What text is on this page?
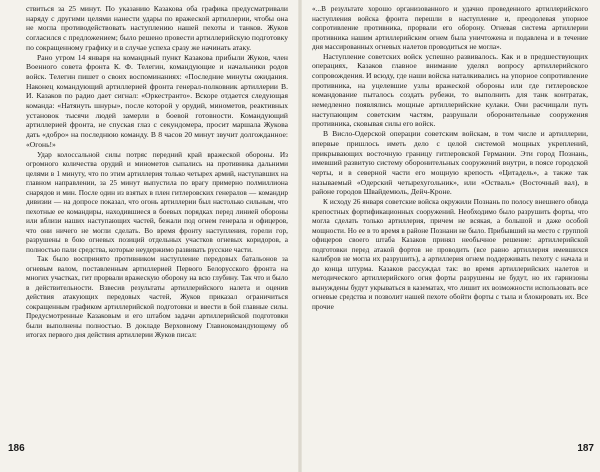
ствиться за 25 минут. По указанию Казакова оба графика предусматривали наряду с другими целями нанести удары по вражеской артиллерии, чтобы она не могла противодействовать наступлению нашей пехоты и танков. Жуков согласился с предложением; было решено провести артиллерийскую подготовку по сокращенному графику и в случае успеха сразу же начинать атаку.

Рано утром 14 января на командный пункт Казакова прибыли Жуков, член Военного совета фронта К. Ф. Телегин, командующие и начальники родов войск. Телегин пишет о своих воспоминаниях: «Последние минуты ожидания. Наконец командующий артиллерией фронта генерал-полковник артиллерии В. И. Казаков по радио дает сигнал: «Оркестранто». Вскоре отдается следующая команда: «Натянуть шнуры», после которой у орудий, минометов, реактивных установок тысячи людей замерли в боевой готовности. Командующий артиллерией фронта, не спуская глаз с секундомера, просит маршала Жукова дать «добро» на последнюю команду. В 8 часов 20 минут звучит долгожданное: «Огонь!»

Удар колоссальной силы потряс передний край вражеской обороны. Из огромного количества орудий и минометов сыпались на противника дальними целями в 1 минуту, что по этим артиллерия только четырех армий, наступавших на главном направлении, за 25 минут выпустила по врагу примерно полмиллиона снарядов и мин. После один из взятых в плен гитлеровских генералов — командир дивизии — на допросе показал, что огонь артиллерии был настолько сильным, что пехотные ее командиры, находившиеся в боевых порядках перед линией обороны или вблизи наших наступающих частей, бежали под огнем генерала и офицеров, что они ничего не могли сделать. Во время фронту наступления, горели гор, разрушены в бою огневых позиций отдельных участков огневых коридоров, а полностью пали средства, которые неудержимо развивать русские части.

Так было воспринято противником наступление передовых батальонов за огневым валом, поставленным артиллерией Первого Белорусского фронта на многих участках, гит прорвали вражескую оборону на всю глубину. Так что и было в действительности. Взвесив результаты артиллерийского налета и оценив действия атакующих передовых частей, Жуков приказал ограничиться сокращенным графиком артиллерийской подготовки и ввести в бой главные силы. Предусмотренные Казаковым и его штабом задачи артиллерийской подготовки были выполнены полностью. В докладе Верховному Главнокомандующему об итогах первого дня действия артиллерии Жуков писал:

«...В результате хорошо организованного и удачно проведенного артиллерийского наступления войска фронта перешли в наступление и, преодолевая упорное сопротивление противника, прорвали его оборону. Огневая система артиллерии противника нашим артиллерийским огнем была уничтожена и подавлена и в течение дня массированных огневых налетов проводиться не могла».

Наступление советских войск успешно развивалось. Как и в предшествующих операциях, Казаков главное внимание уделял вопросу артиллерийского сопровождения. И всюду, где наши войска наталкивались на упорное сопротивление противника, на уцелевшие узлы вражеской обороны или где гитлеровское командование пыталось создать рубежи, то выполнить для танк контратак, немедленно появлялись мощные артиллерийские кулаки. Они расчищали путь наступающим советским частям, разрушали оборонительные сооружения противника, сковывая силы его войск.

В Висло-Одерской операции советским войскам, в том числе и артиллерии, впервые пришлось иметь дело с целой системой мощных укреплений, прикрывающих восточную границу гитлеровской Германии. Эти город Познань, имевший развитую систему оборонительных сооружений внутри, в поясе городской черты, и в северной части его мощную крепость «Цитадель», а также так называемый «Одерский четырехугольник», или «Остваль» (Восточный вал), в районе городов Швайдемюль, Дейч-Кроне.

К исходу 26 января советские войска окружили Познань по полосу внешнего обвода крепостных фортификационных сооружений. Необходимо было разрушить форты, что могла сделать только артиллерия, причем не всякая, а большой и даже особой мощности. Но ее в то время в районе Познани не было. Прибывший на место с группой офицеров своего штаба Казаков принял необычное решение: артиллерийской подготовки перед атакой фортов не проводить (все равно артиллерия имевшихся калибров не могла их разрушить), а артиллерия огнем поддерживать пехоту с начала и до конца штурма. Казаков рассуждал так: во время артиллерийских налетов и методического артиллерийского огня форты разрушены не будут, но их гарнизоны вынуждены будут укрываться в казематах, что лишит их возможности использовать все огневые средства и позволит нашей пехоте обойти форты с тыла и блокировать их. Все прочие

186	187
